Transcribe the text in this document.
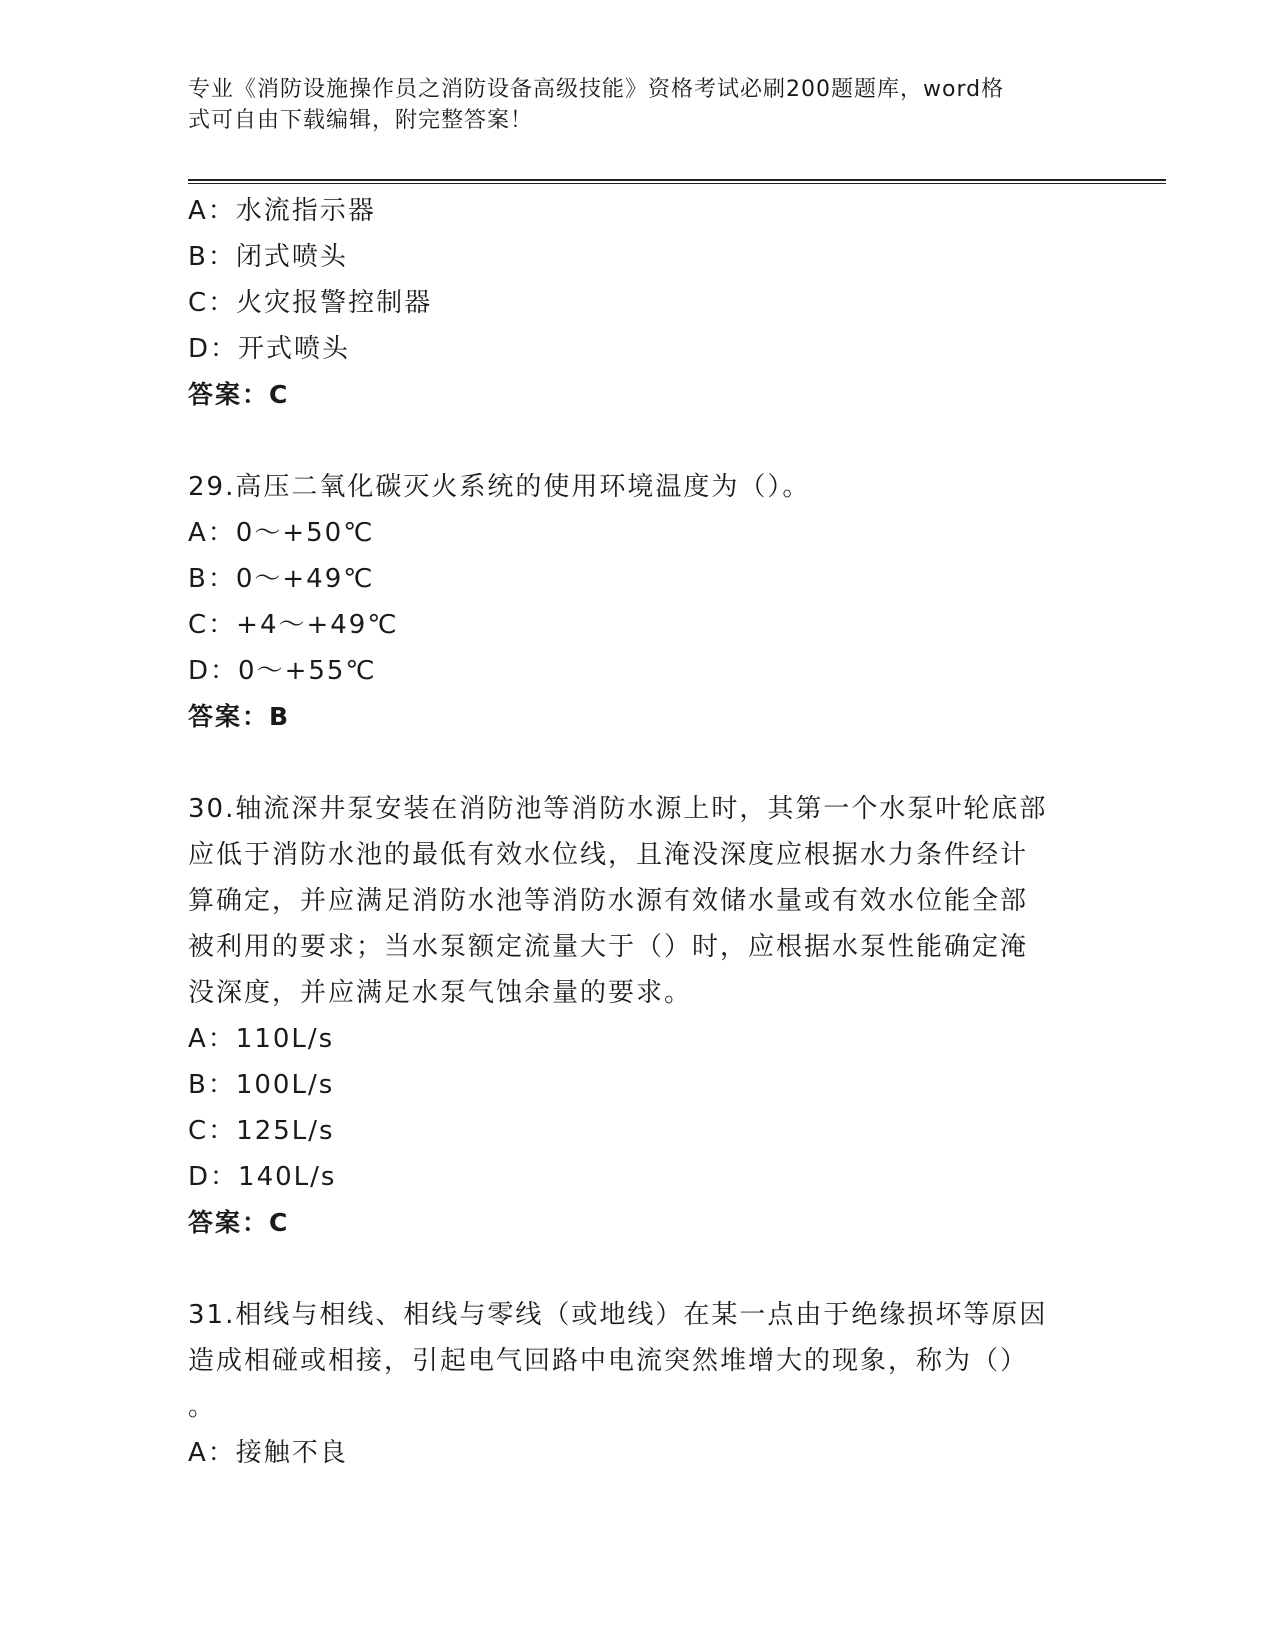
专业《消防设施操作员之消防设备高级技能》资格考试必刷200题题库，word格
式可自由下载编辑，附完整答案！
A：水流指示器
B：闭式喷头
C：火灾报警控制器
D：开式喷头
答案：C
29.高压二氧化碳灭火系统的使用环境温度为（）。
A：0～+50℃
B：0～+49℃
C：+4～+49℃
D：0～+55℃
答案：B
30.轴流深井泵安装在消防池等消防水源上时，其第一个水泵叶轮底部
应低于消防水池的最低有效水位线，且淹没深度应根据水力条件经计
算确定，并应满足消防水池等消防水源有效储水量或有效水位能全部
被利用的要求；当水泵额定流量大于（）时，应根据水泵性能确定淹
没深度，并应满足水泵气蚀余量的要求。
A：110L/s
B：100L/s
C：125L/s
D：140L/s
答案：C
31.相线与相线、相线与零线（或地线）在某一点由于绝缘损坏等原因
造成相碰或相接，引起电气回路中电流突然堆增大的现象，称为（）
。
A：接触不良
